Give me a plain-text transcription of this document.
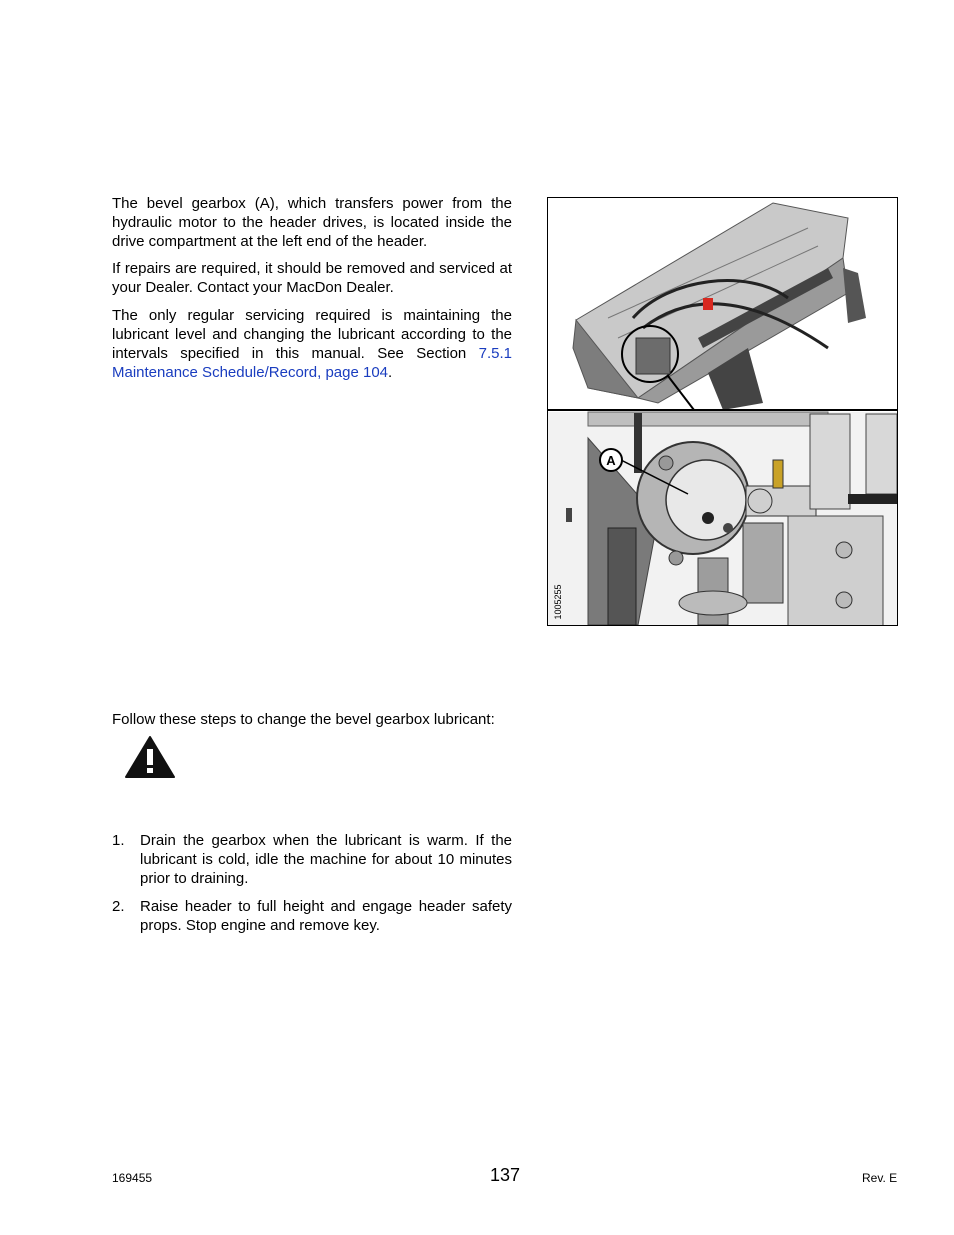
The bevel gearbox (A), which transfers power from the hydraulic motor to the header drives, is located inside the drive compartment at the left end of the header.

If repairs are required, it should be removed and serviced at your Dealer. Contact your MacDon Dealer.

The only regular servicing required is maintaining the lubricant level and changing the lubricant according to the intervals specified in this manual. See Section 7.5.1 Maintenance Schedule/Record, page 104.

A
1005255

Follow these steps to change the bevel gearbox lubricant:

1. Drain the gearbox when the lubricant is warm. If the lubricant is cold, idle the machine for about 10 minutes prior to draining.
2. Raise header to full height and engage header safety props. Stop engine and remove key.
169455	137	Rev. E
